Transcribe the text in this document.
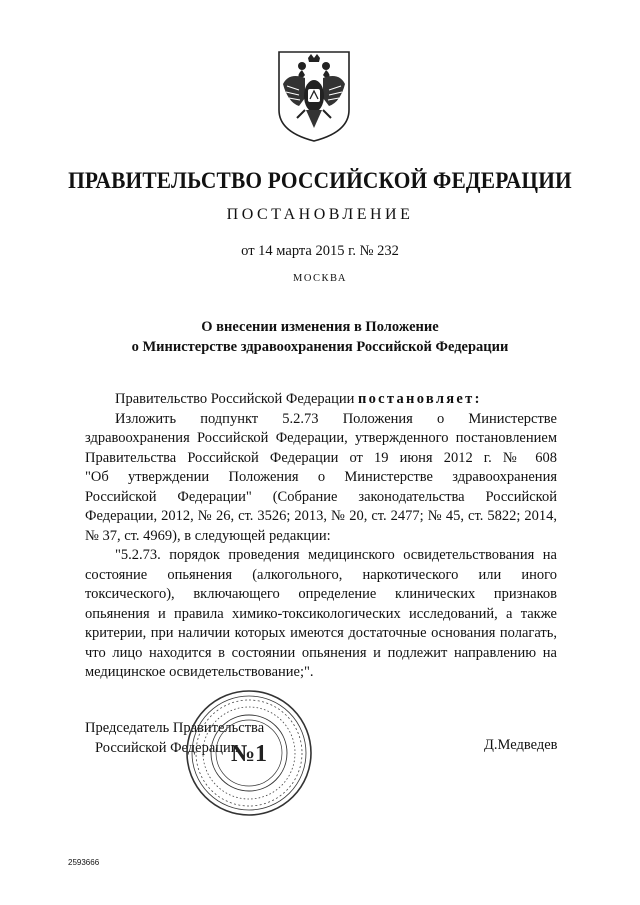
ПРАВИТЕЛЬСТВО РОССИЙСКОЙ ФЕДЕРАЦИИ
ПОСТАНОВЛЕНИЕ
от 14 марта 2015 г. № 232
МОСКВА
О внесении изменения в Положение
о Министерстве здравоохранения Российской Федерации
Правительство Российской Федерации постановляет:
Изложить подпункт 5.2.73 Положения о Министерстве
здравоохранения Российской Федерации, утвержденного постановлением
Правительства Российской Федерации от 19 июня 2012 г. № 608
"Об утверждении Положения о Министерстве здравоохранения
Российской Федерации" (Собрание законодательства Российской
Федерации, 2012, № 26, ст. 3526; 2013, № 20, ст. 2477; № 45, ст. 5822; 2014,
№ 37, ст. 4969), в следующей редакции:
"5.2.73. порядок проведения медицинского освидетельствования на
состояние опьянения (алкогольного, наркотического или иного
токсического), включающего определение клинических признаков
опьянения и правила химико-токсикологических исследований, а также
критерии, при наличии которых имеются достаточные основания полагать,
что лицо находится в состоянии опьянения и подлежит направлению на
медицинское освидетельствование;".
Председатель Правительства
Российской Федерации	Д.Медведев
№1
2593666
